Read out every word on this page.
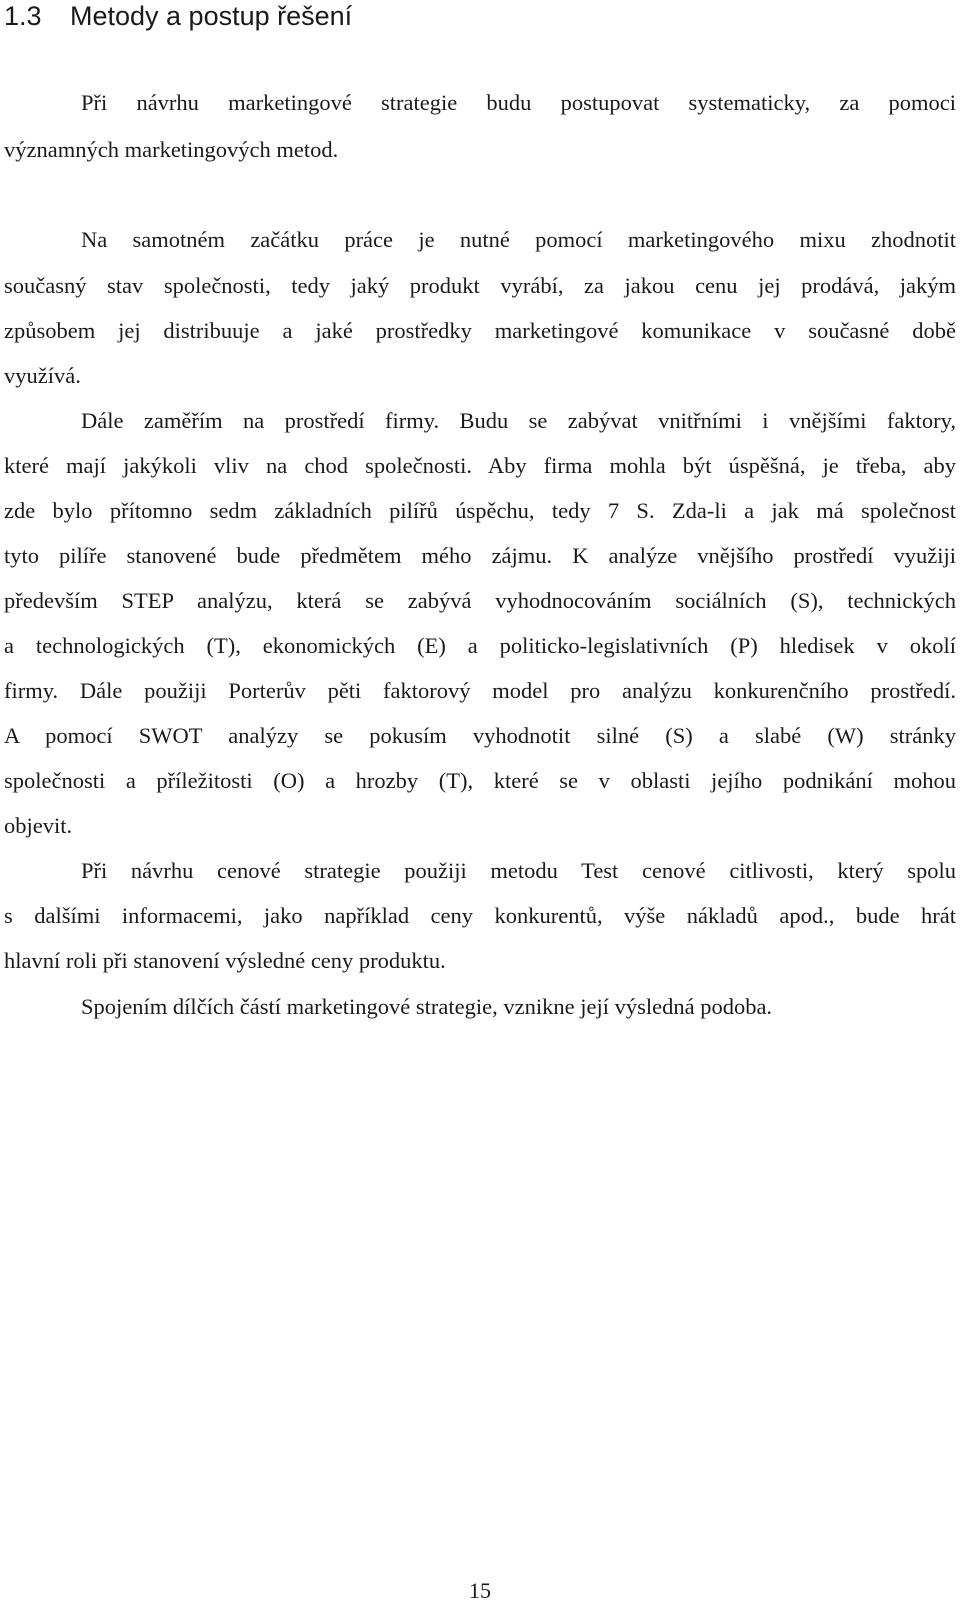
1.3 Metody a postup řešení

Při návrhu marketingové strategie budu postupovat systematicky, za pomoci

významných marketingových metod.

Na samotném začátku práce je nutné pomocí marketingového mixu zhodnotit

současný stav společnosti, tedy jaký produkt vyrábí, za jakou cenu jej prodává, jakým

způsobem jej distribuuje a jaké prostředky marketingové komunikace v současné době

využívá.

Dále zaměřím na prostředí firmy. Budu se zabývat vnitřními i vnějšími faktory,

které mají jakýkoli vliv na chod společnosti. Aby firma mohla být úspěšná, je třeba, aby

zde bylo přítomno sedm základních pilířů úspěchu, tedy 7 S. Zda-li a jak má společnost

tyto pilíře stanovené bude předmětem mého zájmu. K analýze vnějšího prostředí využiji

především STEP analýzu, která se zabývá vyhodnocováním sociálních (S), technických

a technologických (T), ekonomických (E) a politicko-legislativních (P) hledisek v okolí

firmy. Dále použiji Porterův pěti faktorový model pro analýzu konkurenčního prostředí.

A pomocí SWOT analýzy se pokusím vyhodnotit silné (S) a slabé (W) stránky

společnosti a příležitosti (O) a hrozby (T), které se v oblasti jejího podnikání mohou

objevit.

Při návrhu cenové strategie použiji metodu Test cenové citlivosti, který spolu

s dalšími informacemi, jako například ceny konkurentů, výše nákladů apod., bude hrát

hlavní roli při stanovení výsledné ceny produktu.

Spojením dílčích částí marketingové strategie, vznikne její výsledná podoba.

15
